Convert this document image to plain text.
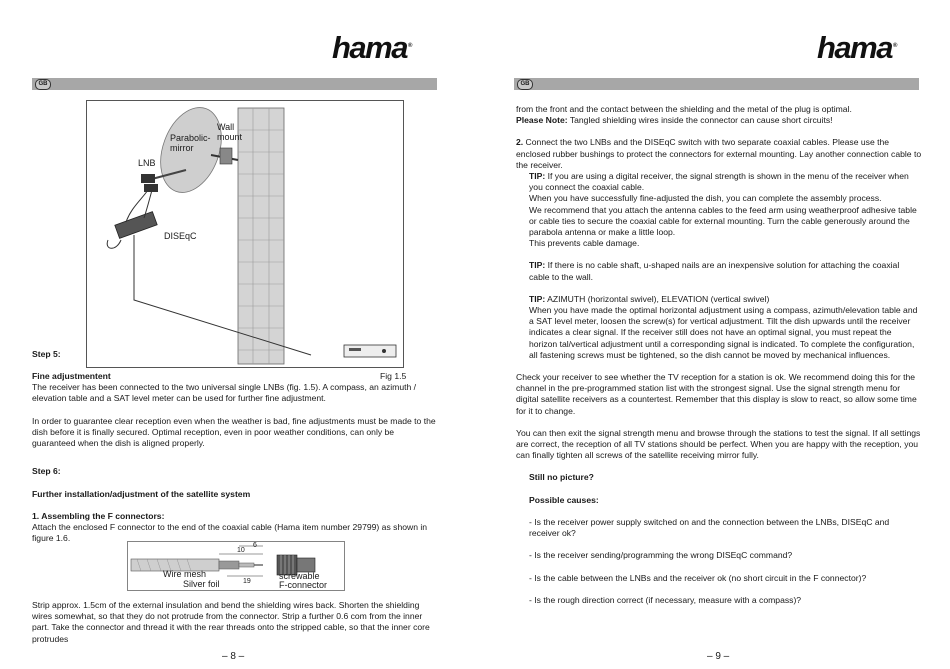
hama®
GB
Wall
mount
Parabolic-
mirror
LNB
DISEqC
Step 5:
Fine adjustmentent	Fig 1.5
The receiver has been connected to the two universal single LNBs (fig. 1.5). A compass, an azimuth / elevation table and a SAT level meter can be used for further fine adjustment.
In order to guarantee clear reception even when the weather is bad, fine adjustments must be made to the dish before it is finally secured. Optimal reception, even in poor weather conditions, can only be guaranteed when the dish is aligned properly.
Step 6:
Further installation/adjustment of the satellite system
1. Assembling the F connectors:
Attach the enclosed F connector to the end of the coaxial cable (Hama item number 29799) as shown in figure 1.6.
6
10
19
Wire mesh
Silver foil
screwable
F-connector
Strip approx. 1.5cm of the external insulation and bend the shielding wires back. Shorten the shielding wires somewhat, so that they do not protrude from the connector. Strip a further 0.6 com from the inner part. Take the connector and thread it with the rear threads onto the stripped cable, so that the inner core protrudes
– 8 –
hama®
GB

from the front and the contact between the shielding and the metal of the plug is optimal.

Please Note: Tangled shielding wires inside the connector can cause short circuits!

2. Connect the two LNBs and the DISEqC switch with two separate coaxial cables. Please use the enclosed rubber bushings to protect the connectors for external mounting. Lay another connection cable to the receiver.

TIP: If you are using a digital receiver, the signal strength is shown in the menu of the receiver when you connect the coaxial cable.

When you have successfully fine-adjusted the dish, you can complete the assembly process.

We recommend that you attach the antenna cables to the feed arm using weatherproof adhesive table or cable ties to secure the coaxial cable for external mounting. Turn the cable generously around the parabola antenna or make a little loop.

This prevents cable damage.

TIP: If there is no cable shaft, u-shaped nails are an inexpensive solution for attaching the coaxial cable to the wall.

TIP: AZIMUTH (horizontal swivel), ELEVATION (vertical swivel)

When you have made the optimal horizontal adjustment using a compass, azimuth/elevation table and a SAT level meter, loosen the screw(s) for vertical adjustment. Tilt the dish upwards until the receiver indicates a clear signal. If the receiver still does not have an optimal signal, you must repeat the horizon tal/vertical adjustment until a corresponding signal is indicated. To complete the configuration, all fastening screws must be tightened, so the dish cannot be moved by mechanical influences.

Check your receiver to see whether the TV reception for a station is ok. We recommend doing this for the channel in the pre-programmed station list with the strongest signal. Use the signal strength menu for digital satellite receivers as a countertest. Remember that this display is slow to react, so allow some time for it to change.

You can then exit the signal strength menu and browse through the stations to test the signal. If all settings are correct, the reception of all TV stations should be perfect. When you are happy with the reception, you can finally tighten all screws of the satellite receiving mirror fully.

Still no picture?

Possible causes:

- Is the receiver power supply switched on and the connection between the LNBs, DISEqC and receiver ok?

- Is the receiver sending/programming the wrong DISEqC command?

- Is the cable between the LNBs and the receiver ok (no short circuit in the F connector)?

- Is the rough direction correct (if necessary, measure with a compass)?

– 9 –
